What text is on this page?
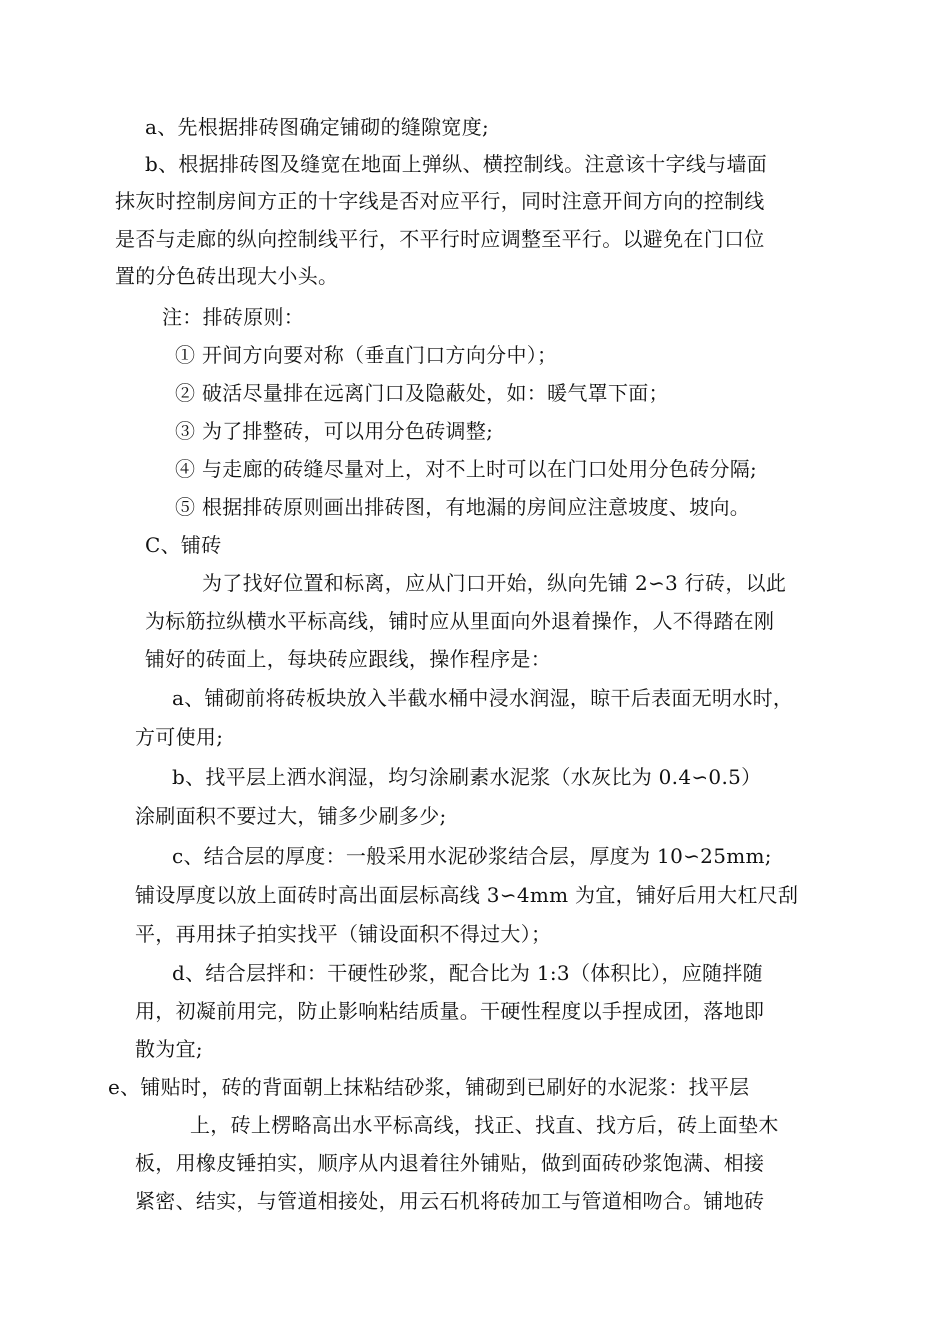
a、先根据排砖图确定铺砌的缝隙宽度;
b、根据排砖图及缝宽在地面上弹纵、横控制线。注意该十字线与墙面
抹灰时控制房间方正的十字线是否对应平行，同时注意开间方向的控制线
是否与走廊的纵向控制线平行，不平行时应调整至平行。以避免在门口位
置的分色砖出现大小头。
注：排砖原则：
① 开间方向要对称（垂直门口方向分中）；
② 破活尽量排在远离门口及隐蔽处，如：暖气罩下面；
③ 为了排整砖，可以用分色砖调整;
④ 与走廊的砖缝尽量对上，对不上时可以在门口处用分色砖分隔;
⑤ 根据排砖原则画出排砖图，有地漏的房间应注意坡度、坡向。
C、铺砖
为了找好位置和标离，应从门口开始，纵向先铺 2∽3 行砖，以此
为标筋拉纵横水平标高线，铺时应从里面向外退着操作，人不得踏在刚
铺好的砖面上，每块砖应跟线，操作程序是：
a、铺砌前将砖板块放入半截水桶中浸水润湿，晾干后表面无明水时，
方可使用;
b、找平层上洒水润湿，均匀涂刷素水泥浆（水灰比为 0.4∽0.5）
涂刷面积不要过大，铺多少刷多少;
c、结合层的厚度：一般采用水泥砂浆结合层，厚度为 10∽25mm;
铺设厚度以放上面砖时高出面层标高线 3∽4mm 为宜，铺好后用大杠尺刮
平，再用抹子拍实找平（铺设面积不得过大）；
d、结合层拌和：干硬性砂浆，配合比为 1:3（体积比），应随拌随
用，初凝前用完，防止影响粘结质量。干硬性程度以手捏成团，落地即
散为宜;
e、铺贴时，砖的背面朝上抹粘结砂浆，铺砌到已刷好的水泥浆：找平层
上，砖上楞略高出水平标高线，找正、找直、找方后，砖上面垫木
板，用橡皮锤拍实，顺序从内退着往外铺贴，做到面砖砂浆饱满、相接
紧密、结实，与管道相接处，用云石机将砖加工与管道相吻合。铺地砖
